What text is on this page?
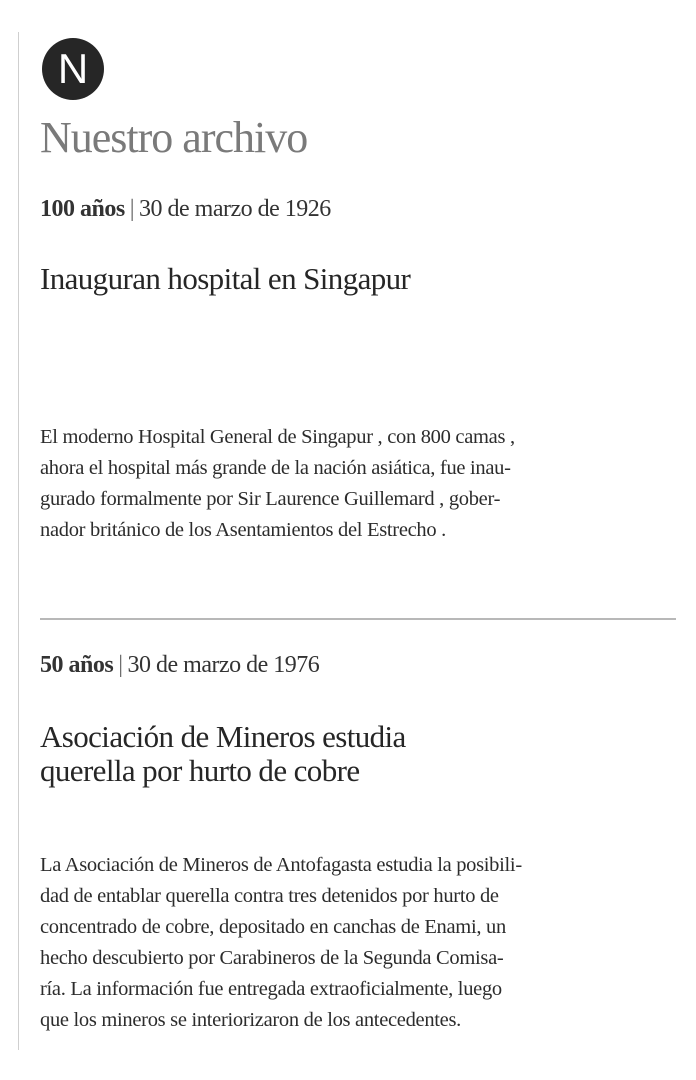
N
Nuestro archivo
100 años | 30 de marzo de 1926
Inauguran hospital en Singapur
El moderno Hospital General de Singapur , con 800 camas ,
ahora el hospital más grande de la nación asiática, fue inau-
gurado formalmente por Sir Laurence Guillemard , gober-
nador británico de los Asentamientos del Estrecho .
50 años | 30 de marzo de 1976
Asociación de Mineros estudia
querella por hurto de cobre
La Asociación de Mineros de Antofagasta estudia la posibili-
dad de entablar querella contra tres detenidos por hurto de
concentrado de cobre, depositado en canchas de Enami, un
hecho descubierto por Carabineros de la Segunda Comisa-
ría. La información fue entregada extraoficialmente, luego
que los mineros se interiorizaron de los antecedentes.
